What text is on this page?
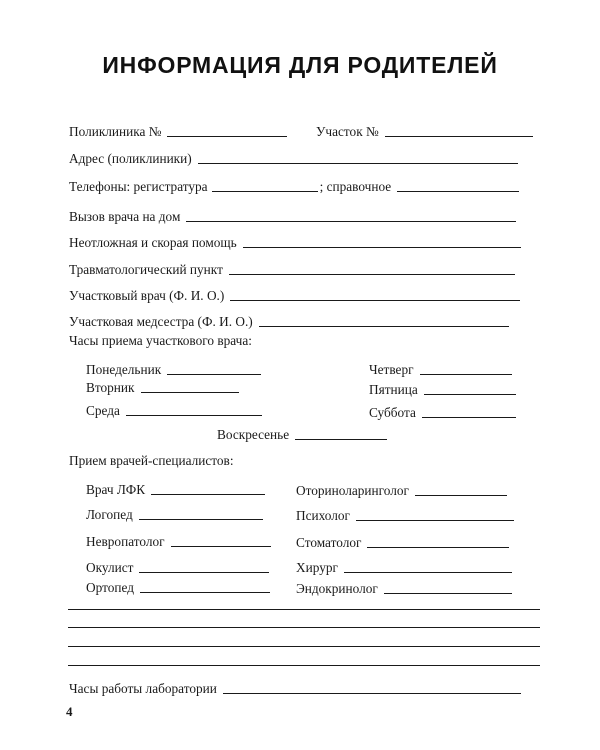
ИНФОРМАЦИЯ ДЛЯ РОДИТЕЛЕЙ
Поликлиника №	Участок №
Адрес (поликлиники)
Телефоны: регистратура	; справочное
Вызов врача на дом
Неотложная и скорая помощь
Травматологический пункт
Участковый врач (Ф. И. О.)
Участковая медсестра (Ф. И. О.)
Часы приема участкового врача:
Понедельник
Вторник
Среда
Четверг
Пятница
Суббота
Воскресенье
Прием врачей-специалистов:
Врач ЛФК
Логопед
Невропатолог
Окулист
Ортопед
Оториноларинголог
Психолог
Стоматолог
Хирург
Эндокринолог
Часы работы лаборатории
4
